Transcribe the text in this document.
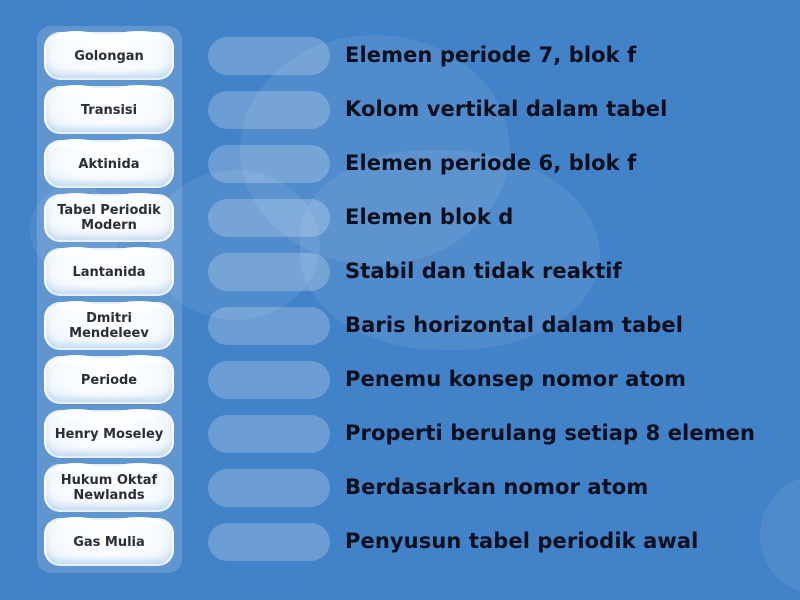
Golongan
Transisi
Aktinida
Tabel Periodik Modern
Lantanida
Dmitri Mendeleev
Periode
Henry Moseley
Hukum Oktaf Newlands
Gas Mulia
Elemen periode 7, blok f
Kolom vertikal dalam tabel
Elemen periode 6, blok f
Elemen blok d
Stabil dan tidak reaktif
Baris horizontal dalam tabel
Penemu konsep nomor atom
Properti berulang setiap 8 elemen
Berdasarkan nomor atom
Penyusun tabel periodik awal
